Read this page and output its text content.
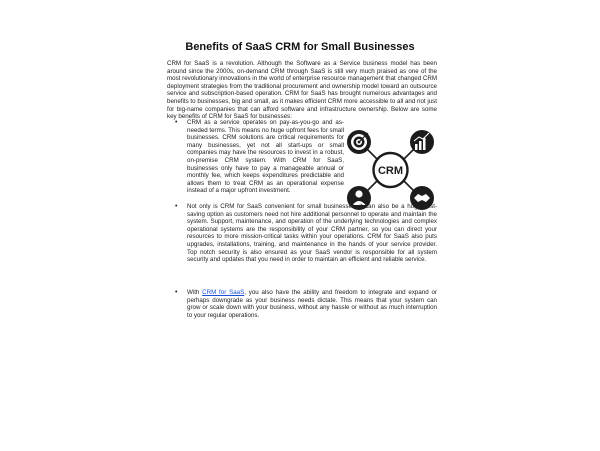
Benefits of SaaS CRM for Small Businesses
CRM for SaaS is a revolution. Although the Software as a Service business model has been around since the 2000s, on-demand CRM through SaaS is still very much praised as one of the most revolutionary innovations in the world of enterprise resource management that changed CRM deployment strategies from the traditional procurement and ownership model toward an outsource service and subscription-based operation. CRM for SaaS has brought numerous advantages and benefits to businesses, big and small, as it makes efficient CRM more accessible to all and not just for big-name companies that can afford software and infrastructure ownership. Below are some key benefits of CRM for SaaS for businesses:
• CRM as a service operates on pay-as-you-go and as-needed terms. This means no huge upfront fees for small businesses. CRM solutions are critical requirements for many businesses, yet not all start-ups or small companies may have the resources to invest in a robust, on-premise CRM system. With CRM for SaaS, businesses only have to pay a manageable annual or monthly fee, which keeps expenditures predictable and allows them to treat CRM as an operational expense instead of a major upfront investment.
CRM
• Not only is CRM for SaaS convenient for small businesses, it can also be a huge cost-saving option as customers need not hire additional personnel to operate and maintain the system. Support, maintenance, and operation of the underlying technologies and complex operational systems are the responsibility of your CRM partner, so you can direct your resources to more mission-critical tasks within your operations. CRM for SaaS also puts upgrades, installations, training, and maintenance in the hands of your service provider. Top notch security is also ensured as your SaaS vendor is responsible for all system security and updates that you need in order to maintain an efficient and reliable service.
• With CRM for SaaS, you also have the ability and freedom to integrate and expand or perhaps downgrade as your business needs dictate. This means that your system can grow or scale down with your business, without any hassle or without as much interruption to your regular operations.
